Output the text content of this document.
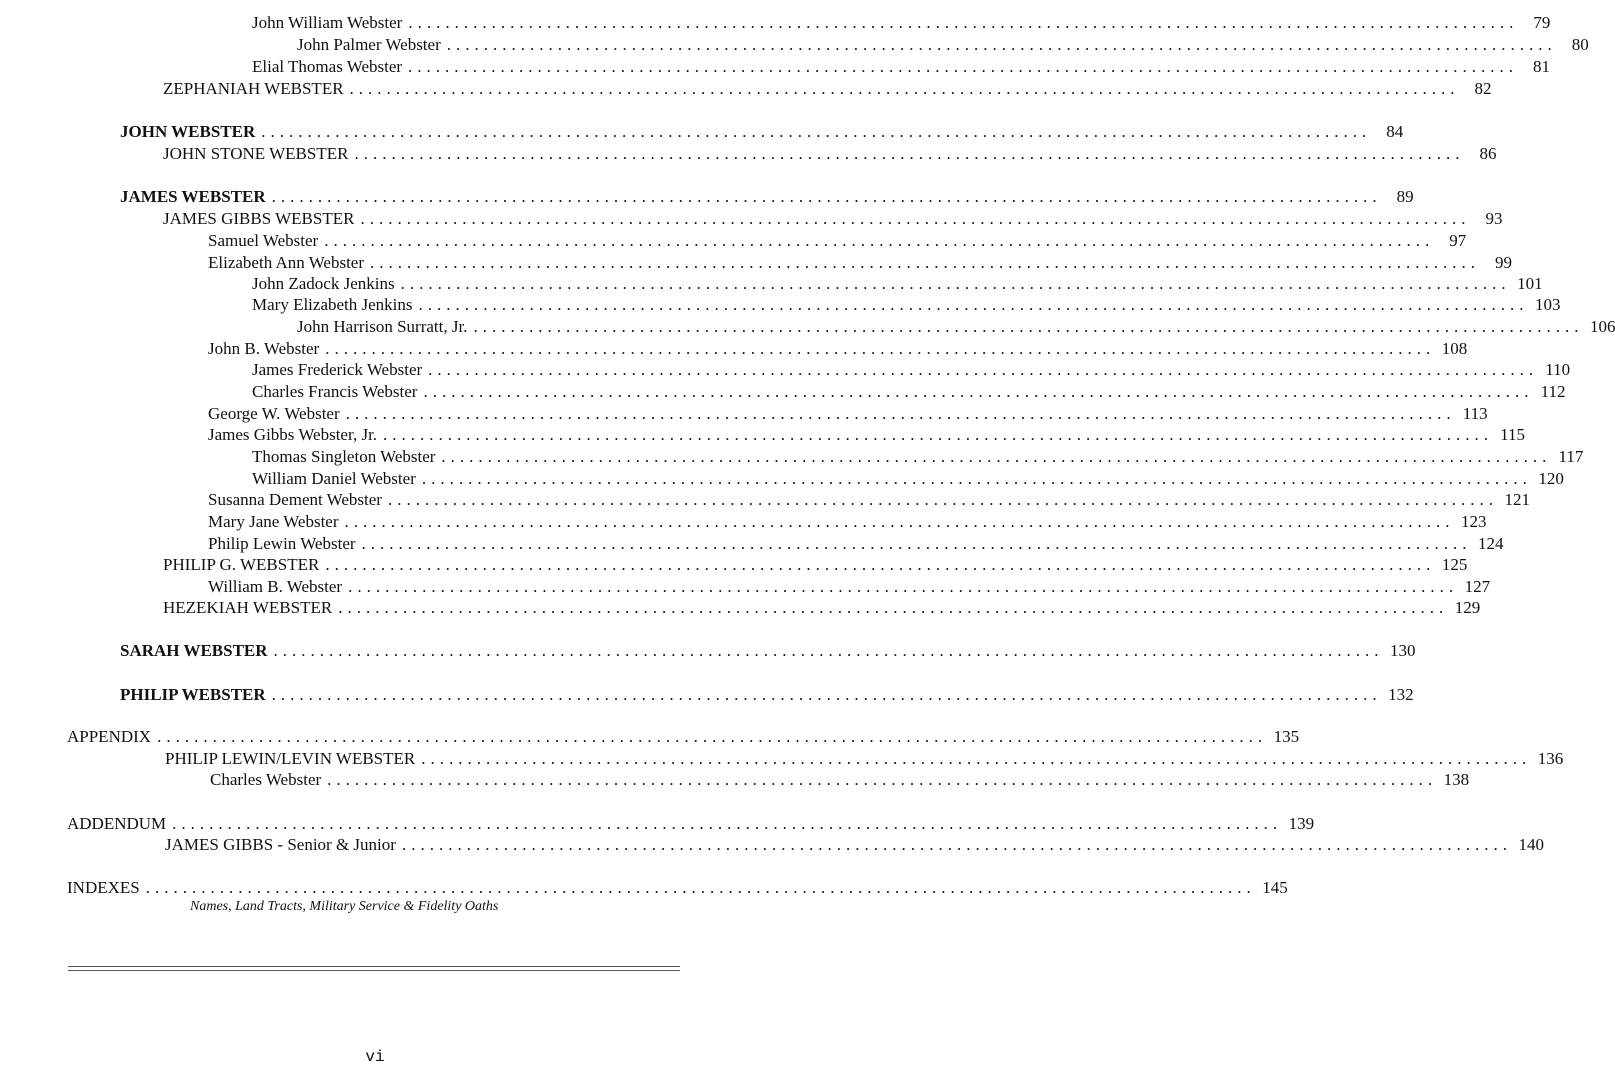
John William Webster ........................................................................................................................ 79
John Palmer Webster ........................................................................................................................ 80
Elial Thomas Webster ........................................................................................................................ 81
ZEPHANIAH WEBSTER ........................................................................................................................ 82
JOHN WEBSTER ........................................................................................................................ 84
JOHN STONE WEBSTER ........................................................................................................................ 86
JAMES WEBSTER ........................................................................................................................ 89
JAMES GIBBS WEBSTER ........................................................................................................................ 93
Samuel Webster ........................................................................................................................ 97
Elizabeth Ann Webster ........................................................................................................................ 99
John Zadock Jenkins ........................................................................................................................ 101
Mary Elizabeth Jenkins ........................................................................................................................ 103
John Harrison Surratt, Jr. ........................................................................................................................ 106
John B. Webster ........................................................................................................................ 108
James Frederick Webster ........................................................................................................................ 110
Charles Francis Webster ........................................................................................................................ 112
George W. Webster ........................................................................................................................ 113
James Gibbs Webster, Jr. ........................................................................................................................ 115
Thomas Singleton Webster ........................................................................................................................ 117
William Daniel Webster ........................................................................................................................ 120
Susanna Dement Webster ........................................................................................................................ 121
Mary Jane Webster ........................................................................................................................ 123
Philip Lewin Webster ........................................................................................................................ 124
PHILIP G. WEBSTER ........................................................................................................................ 125
William B. Webster ........................................................................................................................ 127
HEZEKIAH WEBSTER ........................................................................................................................ 129
SARAH WEBSTER ........................................................................................................................ 130
PHILIP WEBSTER ........................................................................................................................ 132
APPENDIX ........................................................................................................................ 135
PHILIP LEWIN/LEVIN WEBSTER ........................................................................................................................ 136
Charles Webster ........................................................................................................................ 138
ADDENDUM ........................................................................................................................ 139
JAMES GIBBS - Senior & Junior ........................................................................................................................ 140
INDEXES ........................................................................................................................ 145
Names, Land Tracts, Military Service & Fidelity Oaths
vi
